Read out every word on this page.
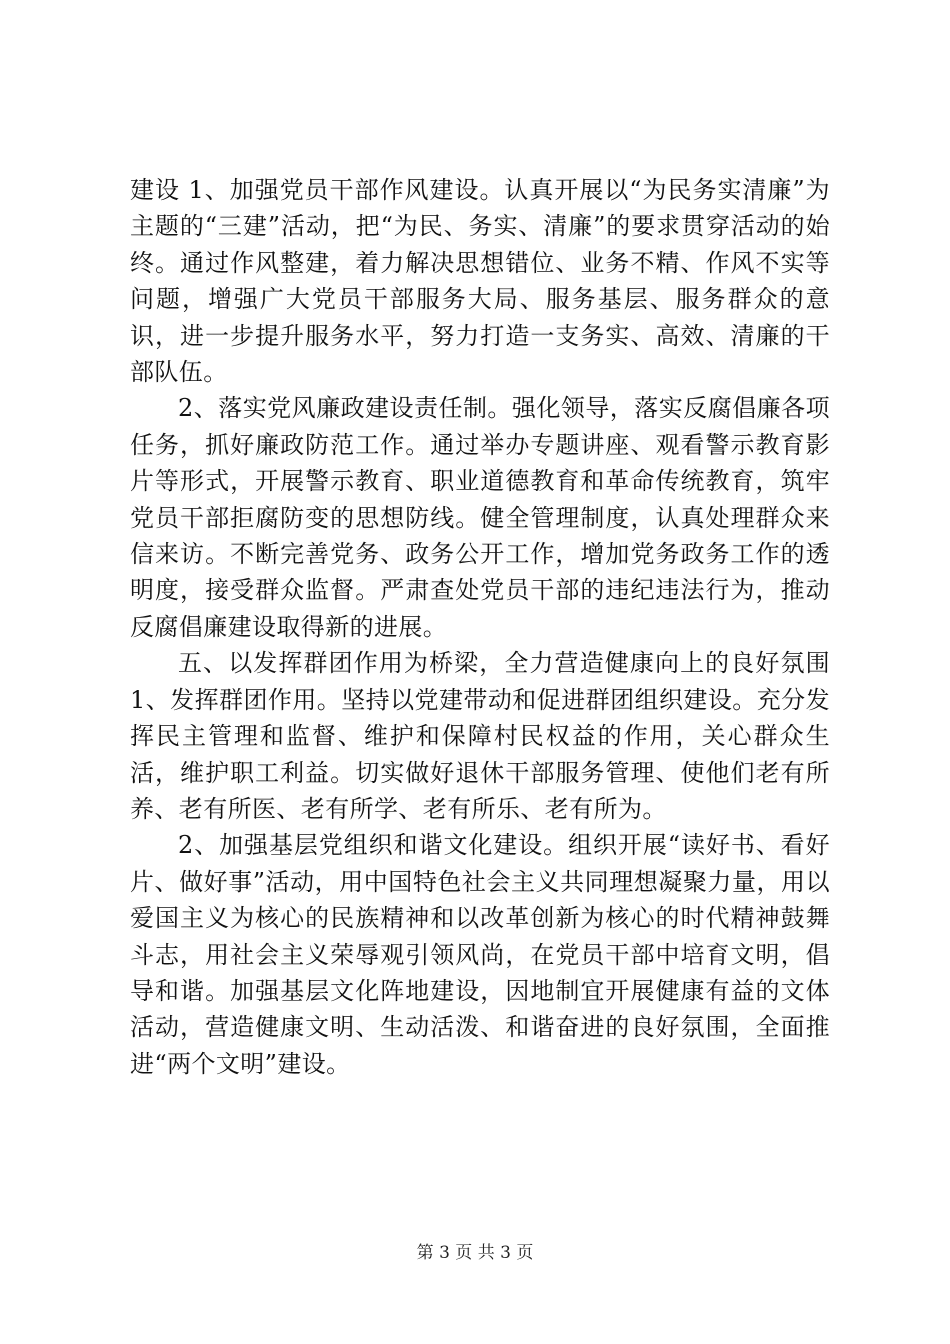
建设 1、加强党员干部作风建设。认真开展以“为民务实清廉”为主题的“三建”活动，把“为民、务实、清廉”的要求贯穿活动的始终。通过作风整建，着力解决思想错位、业务不精、作风不实等问题，增强广大党员干部服务大局、服务基层、服务群众的意识，进一步提升服务水平，努力打造一支务实、高效、清廉的干部队伍。

2、落实党风廉政建设责任制。强化领导，落实反腐倡廉各项任务，抓好廉政防范工作。通过举办专题讲座、观看警示教育影片等形式，开展警示教育、职业道德教育和革命传统教育，筑牢党员干部拒腐防变的思想防线。健全管理制度，认真处理群众来信来访。不断完善党务、政务公开工作，增加党务政务工作的透明度，接受群众监督。严肃查处党员干部的违纪违法行为，推动反腐倡廉建设取得新的进展。

五、以发挥群团作用为桥梁，全力营造健康向上的良好氛围 1、发挥群团作用。坚持以党建带动和促进群团组织建设。充分发挥民主管理和监督、维护和保障村民权益的作用，关心群众生活，维护职工利益。切实做好退休干部服务管理、使他们老有所养、老有所医、老有所学、老有所乐、老有所为。

2、加强基层党组织和谐文化建设。组织开展“读好书、看好片、做好事”活动，用中国特色社会主义共同理想凝聚力量，用以爱国主义为核心的民族精神和以改革创新为核心的时代精神鼓舞斗志，用社会主义荣辱观引领风尚，在党员干部中培育文明，倡导和谐。加强基层文化阵地建设，因地制宜开展健康有益的文体活动，营造健康文明、生动活泼、和谐奋进的良好氛围，全面推进“两个文明”建设。

第 3 页 共 3 页
